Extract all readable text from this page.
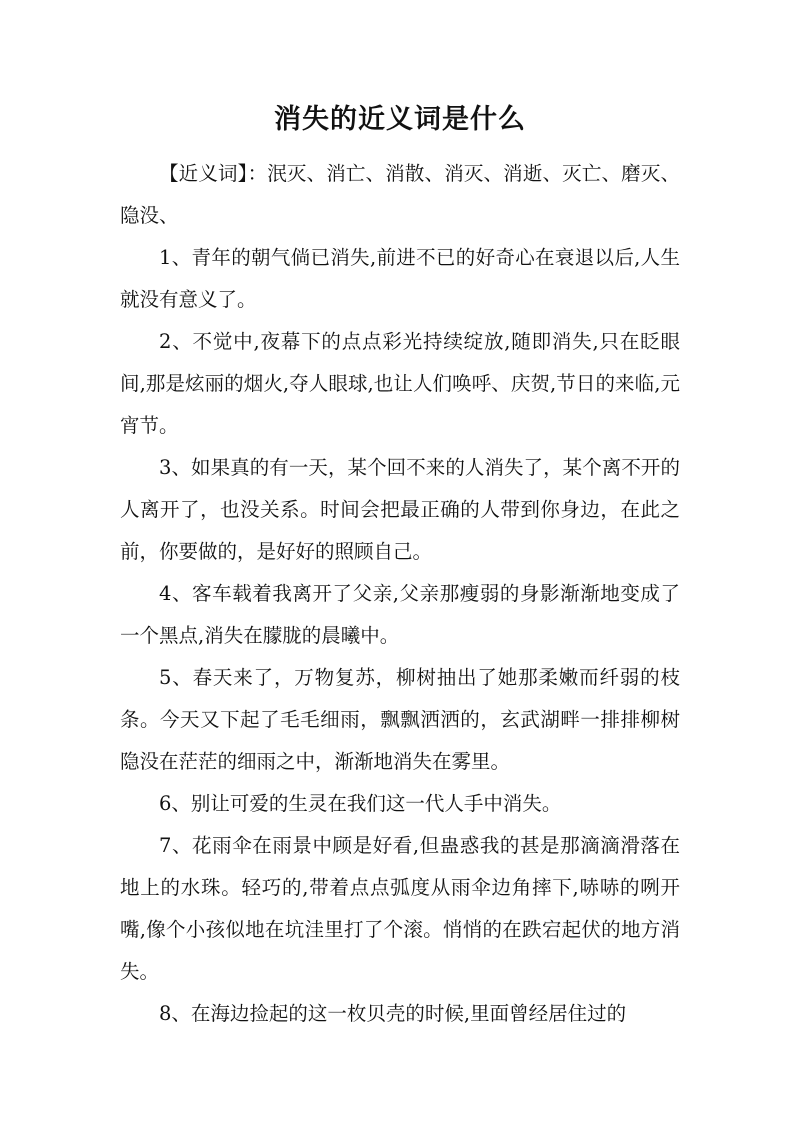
消失的近义词是什么

【近义词】：泯灭、消亡、消散、消灭、消逝、灭亡、磨灭、隐没、

1、青年的朝气倘已消失,前进不已的好奇心在衰退以后,人生就没有意义了。

2、不觉中,夜幕下的点点彩光持续绽放,随即消失,只在眨眼间,那是炫丽的烟火,夺人眼球,也让人们唤呼、庆贺,节日的来临,元宵节。

3、如果真的有一天，某个回不来的人消失了，某个离不开的人离开了，也没关系。时间会把最正确的人带到你身边，在此之前，你要做的，是好好的照顾自己。

4、客车载着我离开了父亲,父亲那瘦弱的身影渐渐地变成了一个黑点,消失在朦胧的晨曦中。

5、春天来了，万物复苏，柳树抽出了她那柔嫩而纤弱的枝条。今天又下起了毛毛细雨，飘飘洒洒的，玄武湖畔一排排柳树隐没在茫茫的细雨之中，渐渐地消失在雾里。

6、别让可爱的生灵在我们这一代人手中消失。

7、花雨伞在雨景中顾是好看,但蛊惑我的甚是那滴滴滑落在地上的水珠。轻巧的,带着点点弧度从雨伞边角摔下,哧哧的咧开嘴,像个小孩似地在坑洼里打了个滚。悄悄的在跌宕起伏的地方消失。

8、在海边捡起的这一枚贝壳的时候,里面曾经居住过的
